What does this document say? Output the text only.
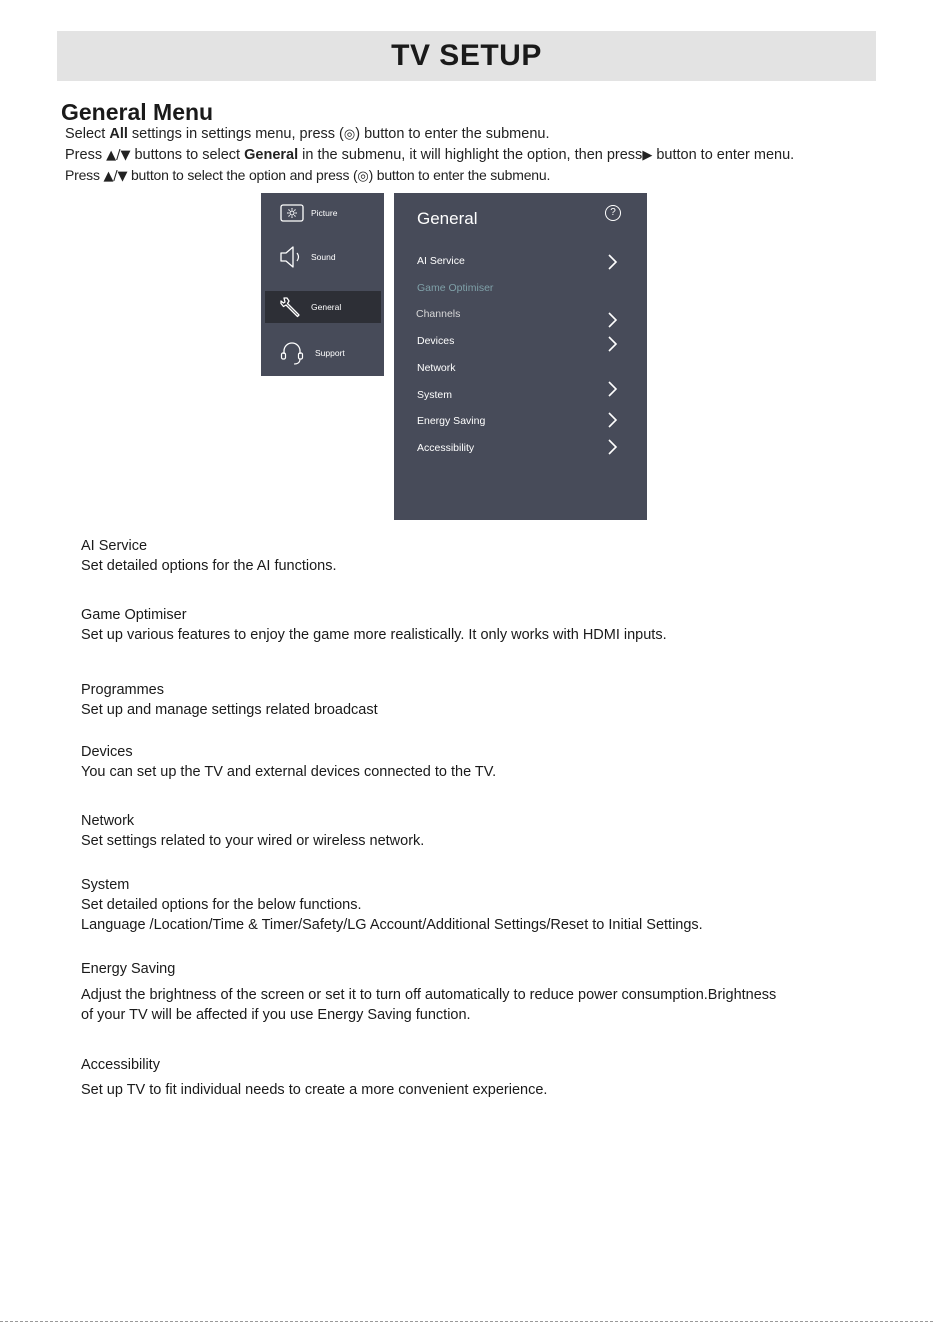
TV SETUP
General Menu
Select All settings in settings menu, press (◎) button to enter the submenu.
Press ▲/▼ buttons to select General in the submenu, it will highlight the option, then press▶ button to enter menu.
Press ▲/▼ button to select the option and press (◎) button to enter the submenu.
Picture
Sound
General
Support
General	?
AI Service
Game Optimiser
Channels
Devices
Network
System
Energy Saving
Accessibility
AI Service
Set detailed options for the AI functions.
Game Optimiser
Set up various features to enjoy the game more realistically. It only works with HDMI inputs.
Programmes
Set up and manage settings related broadcast
Devices
You can set up the TV and external devices connected to the TV.
Network
Set settings related to your wired or wireless network.
System
Set detailed options for the below functions.
Language /Location/Time & Timer/Safety/LG Account/Additional Settings/Reset to Initial Settings.
Energy Saving
Adjust the brightness of the screen or set it to turn off automatically to reduce power consumption.Brightness
of your TV will be affected if you use Energy Saving function.
Accessibility
Set up TV to fit individual needs to create a more convenient experience.
